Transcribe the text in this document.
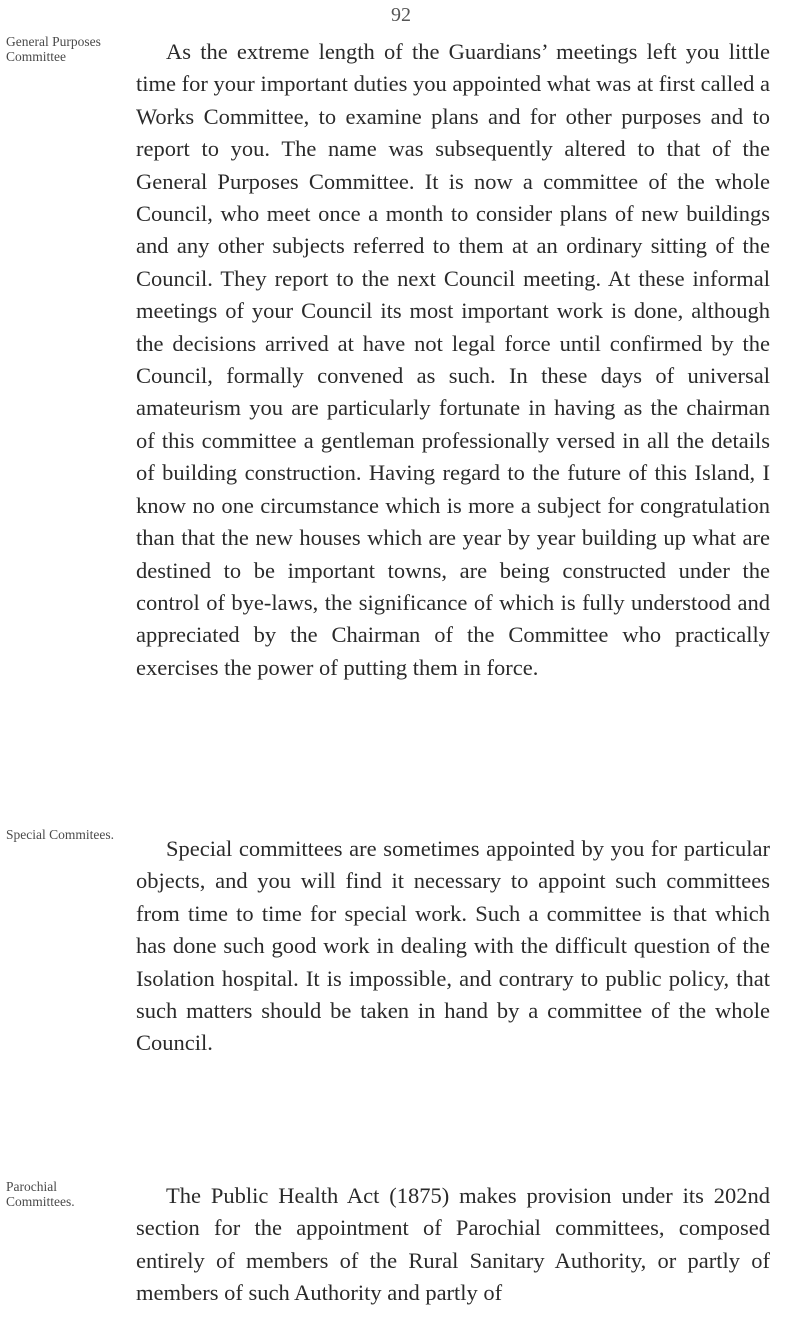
92
General Purposes Committee	As the extreme length of the Guardians’ meetings left you little time for your important duties you appointed what was at first called a Works Committee, to examine plans and for other purposes and to report to you. The name was subsequently altered to that of the General Purposes Committee. It is now a committee of the whole Council, who meet once a month to consider plans of new buildings and any other subjects referred to them at an ordinary sitting of the Council. They report to the next Council meeting. At these informal meetings of your Council its most important work is done, although the decisions arrived at have not legal force until confirmed by the Council, formally convened as such. In these days of universal amateurism you are particularly fortunate in having as the chairman of this committee a gentleman professionally versed in all the details of building construction. Having regard to the future of this Island, I know no one circumstance which is more a subject for congratulation than that the new houses which are year by year building up what are destined to be important towns, are being constructed under the control of bye-laws, the significance of which is fully understood and appreciated by the Chairman of the Committee who practically exercises the power of putting them in force.

Special Commitees.

Special committees are sometimes appointed by you for particular objects, and you will find it necessary to appoint such committees from time to time for special work. Such a committee is that which has done such good work in dealing with the difficult question of the Isolation hospital. It is impossible, and contrary to public policy, that such matters should be taken in hand by a committee of the whole Council.

Parochial Committees.	The Public Health Act (1875) makes provision under its 202nd section for the appointment of Parochial committees, composed entirely of members of the Rural Sanitary Authority, or partly of members of such Authority and partly of
